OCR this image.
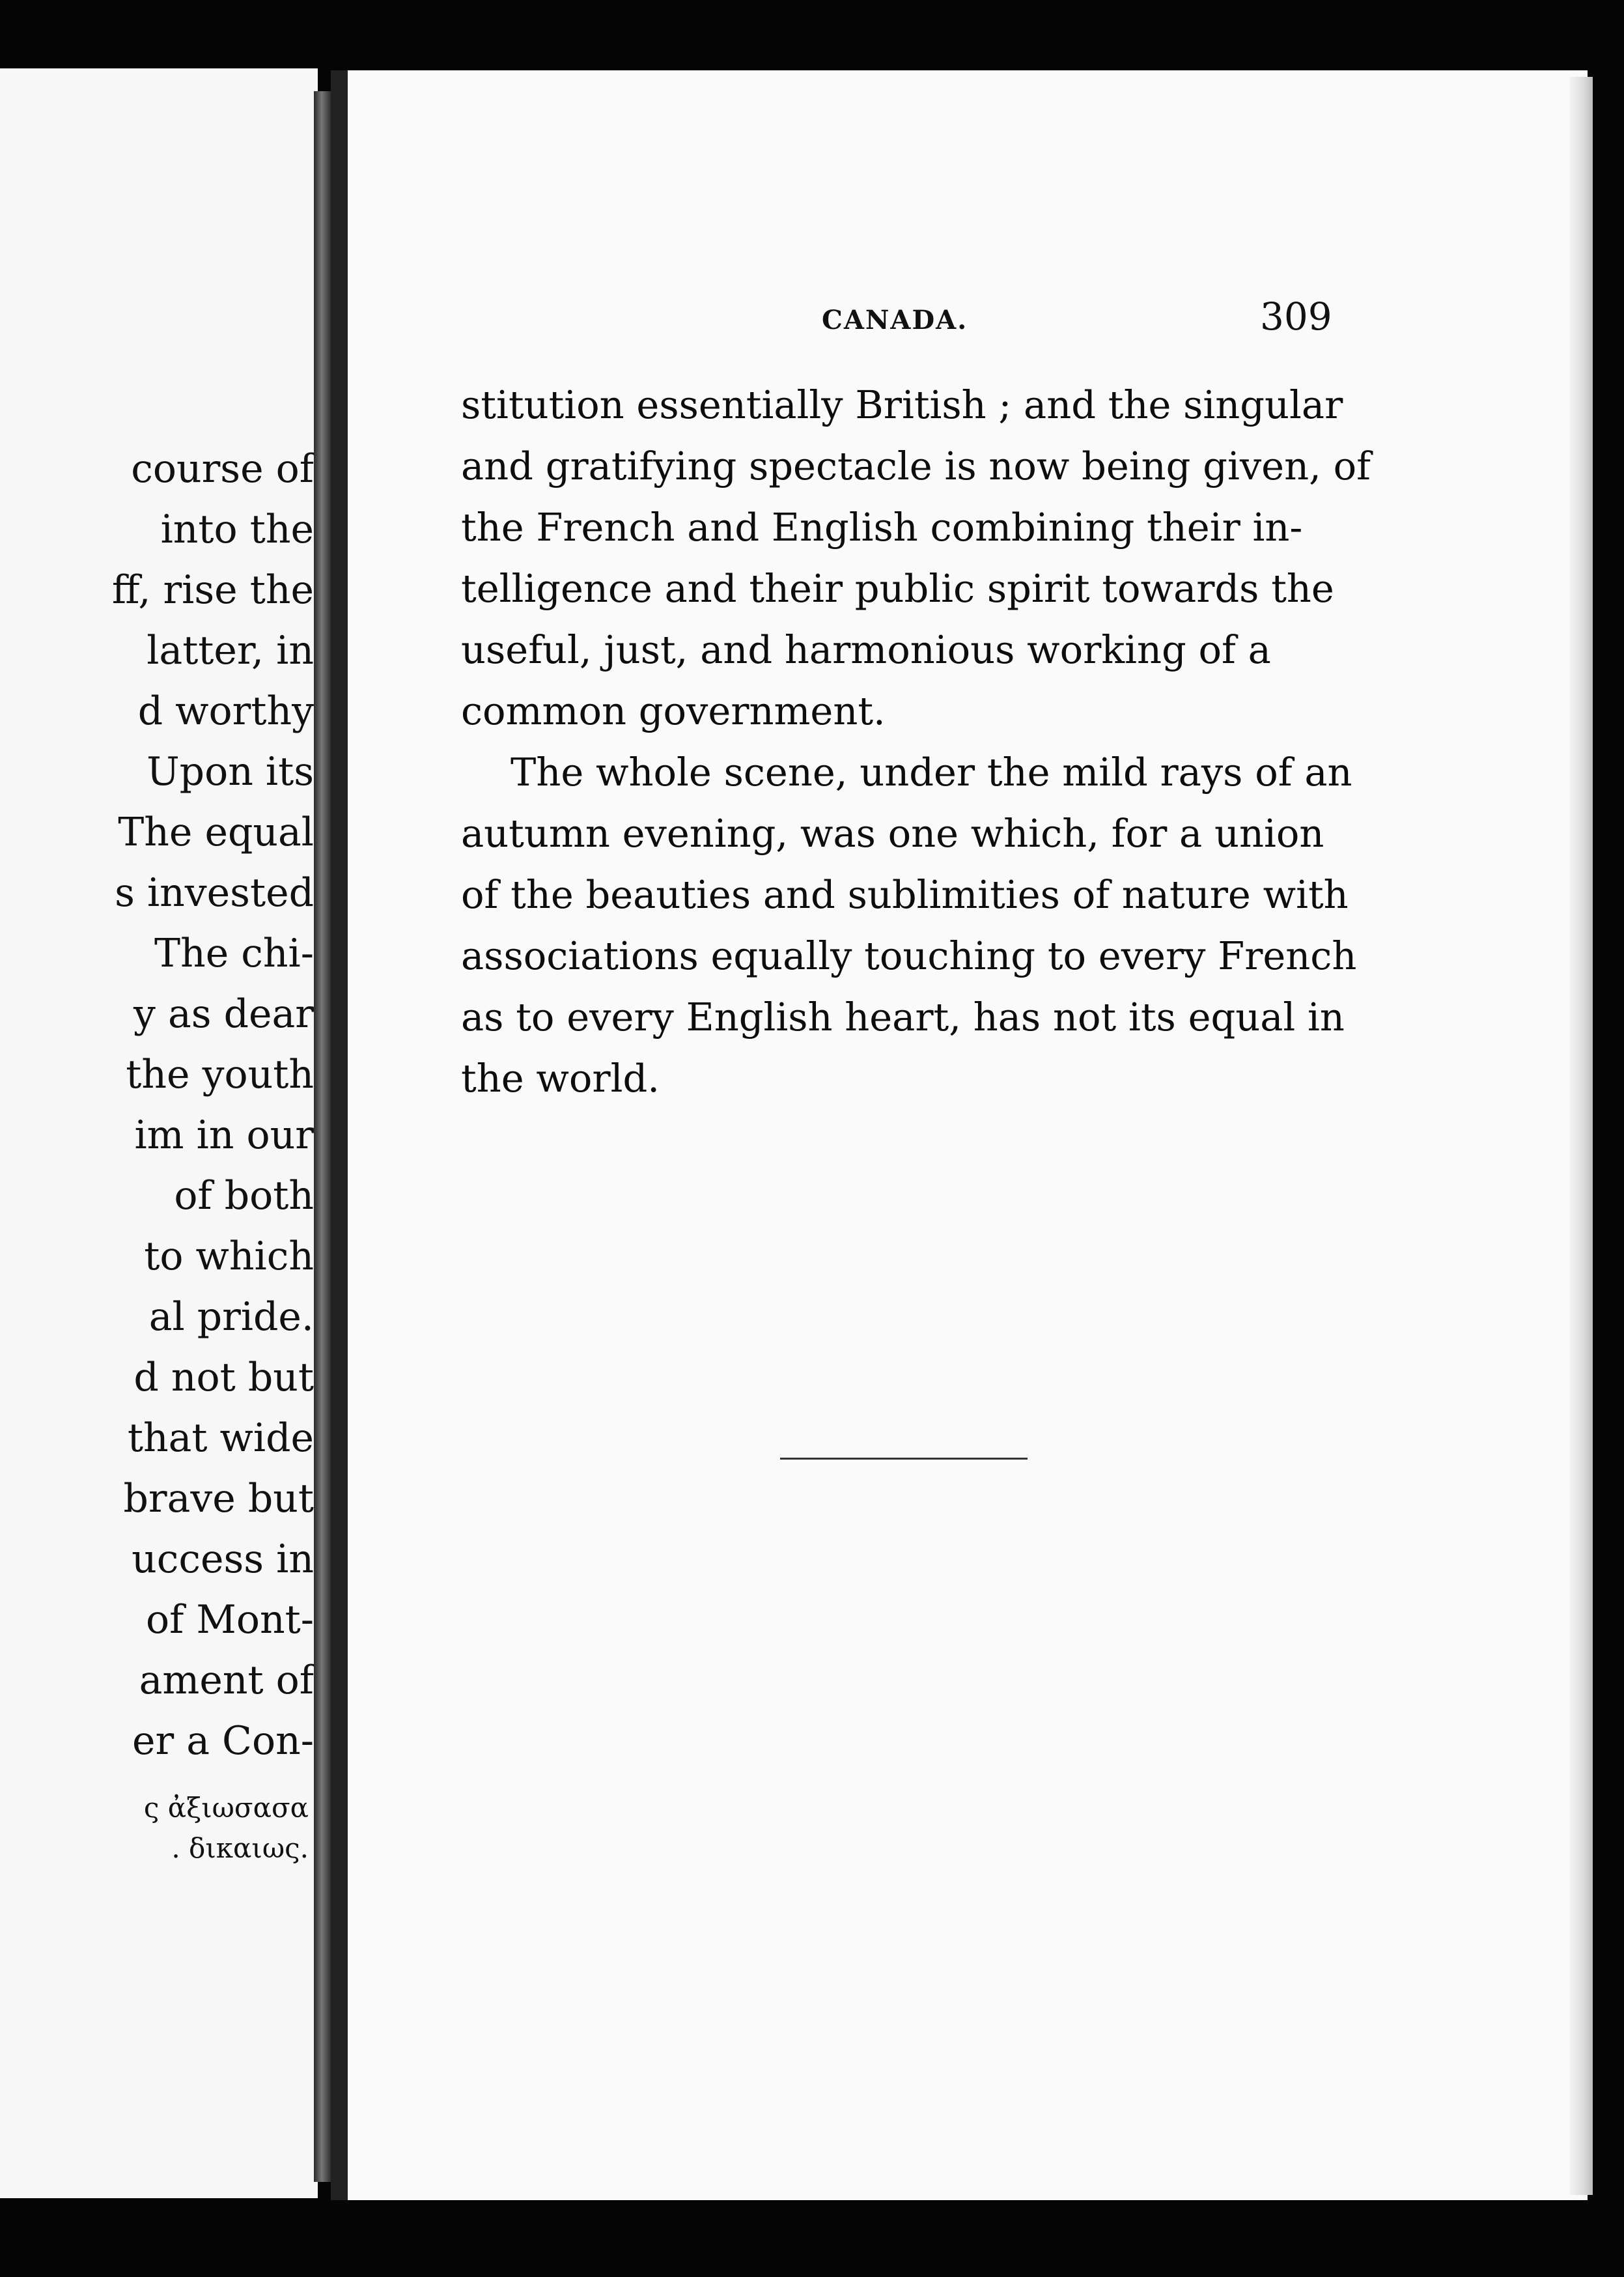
course of

into the

ff, rise the

latter, in

d worthy

Upon its

The equal

s invested

The chi-

y as dear

the youth

im in our

of both

to which

al pride.

d not but

that wide

brave but

uccess in

of Mont-

ament of

er a Con-

ς ἀξιωσασα

. δικαιως.

CANADA.	309

stitution essentially British ; and the singular

and gratifying spectacle is now being given, of

the French and English combining their in-

telligence and their public spirit towards the

useful, just, and harmonious working of a

common government.

The whole scene, under the mild rays of an

autumn evening, was one which, for a union

of the beauties and sublimities of nature with

associations equally touching to every French

as to every English heart, has not its equal in

the world.
